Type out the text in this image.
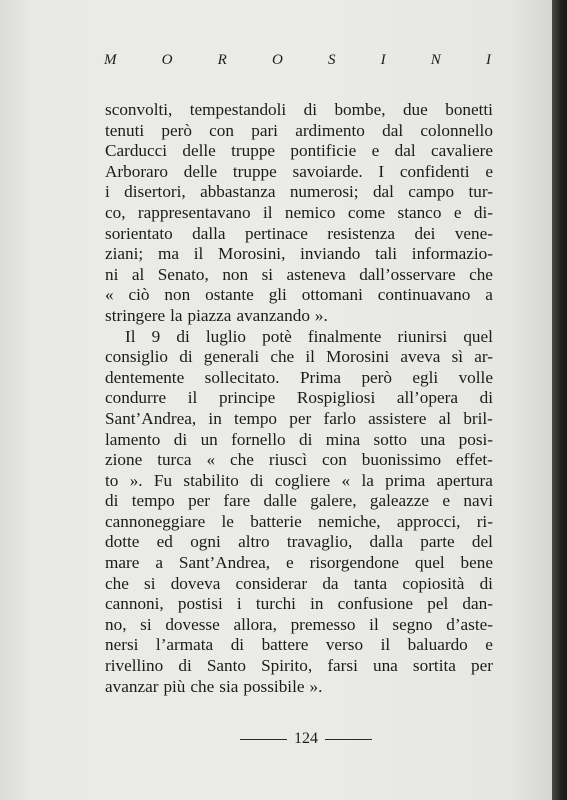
M	O	R	O	S	I	N	I
sconvolti, tempestandoli di bombe, due bonetti
tenuti però con pari ardimento dal colonnello
Carducci delle truppe pontificie e dal cavaliere
Arboraro delle truppe savoiarde. I confidenti e
i disertori, abbastanza numerosi; dal campo tur-
co, rappresentavano il nemico come stanco e di-
sorientato dalla pertinace resistenza dei vene-
ziani; ma il Morosini, inviando tali informazio-
ni al Senato, non si asteneva dall’osservare che
« ciò non ostante gli ottomani continuavano a
stringere la piazza avanzando ».
Il 9 di luglio potè finalmente riunirsi quel
consiglio di generali che il Morosini aveva sì ar-
dentemente sollecitato. Prima però egli volle
condurre il principe Rospigliosi all’opera di
Sant’Andrea, in tempo per farlo assistere al bril-
lamento di un fornello di mina sotto una posi-
zione turca « che riuscì con buonissimo effet-
to ». Fu stabilito di cogliere « la prima apertura
di tempo per fare dalle galere, galeazze e navi
cannoneggiare le batterie nemiche, approcci, ri-
dotte ed ogni altro travaglio, dalla parte del
mare a Sant’Andrea, e risorgendone quel bene
che si doveva considerar da tanta copiosità di
cannoni, postisi i turchi in confusione pel dan-
no, si dovesse allora, premesso il segno d’aste-
nersi l’armata di battere verso il baluardo e
rivellino di Santo Spirito, farsi una sortita per
avanzar più che sia possibile ».
124
